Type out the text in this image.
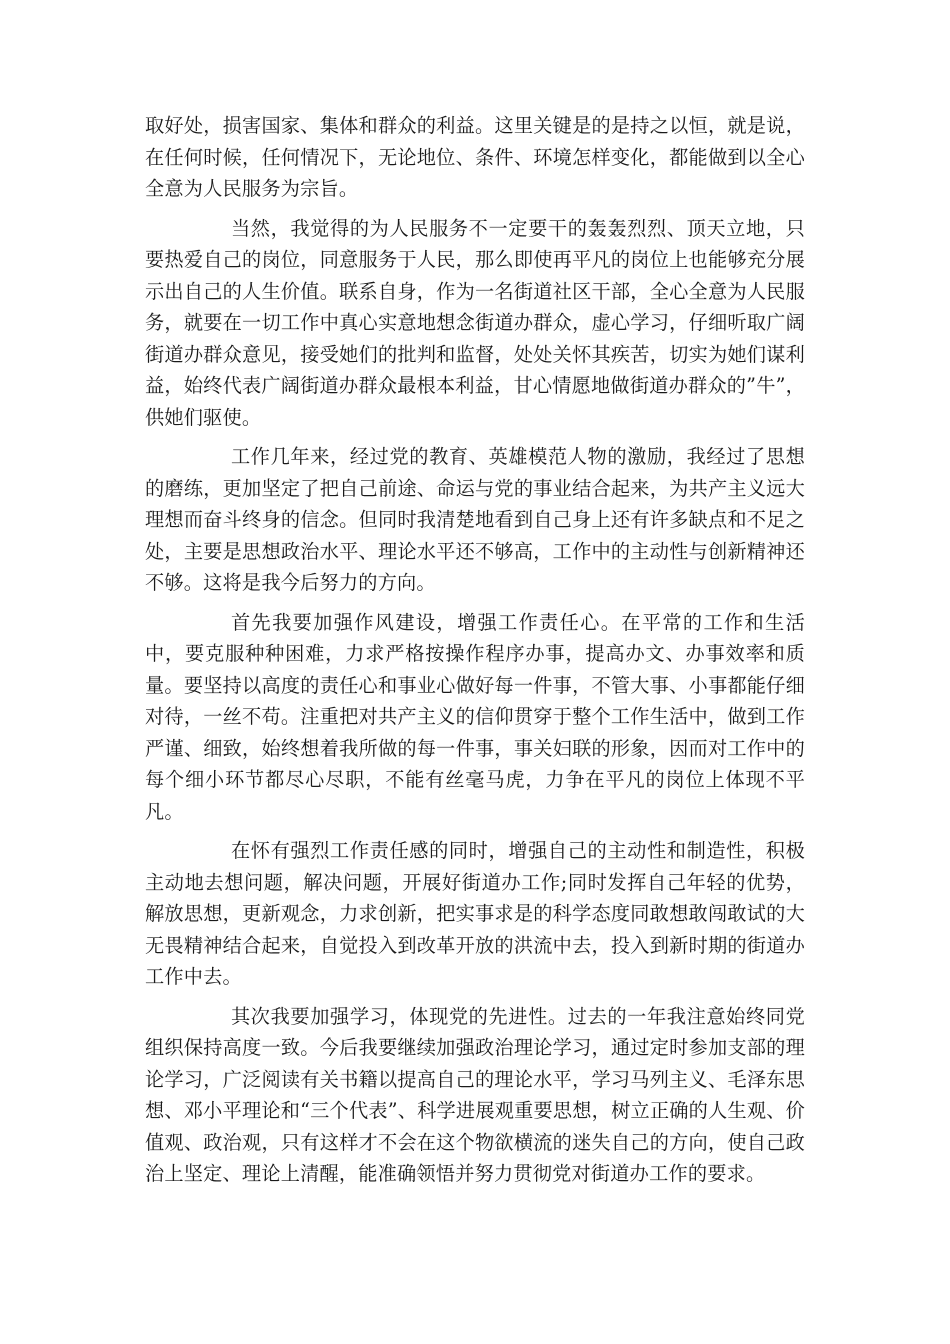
取好处，损害国家、集体和群众的利益。这里关键是的是持之以恒，就是说，在任何时候，任何情况下，无论地位、条件、环境怎样变化，都能做到以全心全意为人民服务为宗旨。

当然，我觉得的为人民服务不一定要干的轰轰烈烈、顶天立地，只要热爱自己的岗位，同意服务于人民，那么即使再平凡的岗位上也能够充分展示出自己的人生价值。联系自身，作为一名街道社区干部，全心全意为人民服务，就要在一切工作中真心实意地想念街道办群众，虚心学习，仔细听取广阔街道办群众意见，接受她们的批判和监督，处处关怀其疾苦，切实为她们谋利益，始终代表广阔街道办群众最根本利益，甘心情愿地做街道办群众的”牛”，供她们驱使。

工作几年来，经过党的教育、英雄模范人物的激励，我经过了思想的磨练，更加坚定了把自己前途、命运与党的事业结合起来，为共产主义远大理想而奋斗终身的信念。但同时我清楚地看到自己身上还有许多缺点和不足之处，主要是思想政治水平、理论水平还不够高，工作中的主动性与创新精神还不够。这将是我今后努力的方向。

首先我要加强作风建设，增强工作责任心。在平常的工作和生活中，要克服种种困难，力求严格按操作程序办事，提高办文、办事效率和质量。要坚持以高度的责任心和事业心做好每一件事，不管大事、小事都能仔细对待，一丝不苟。注重把对共产主义的信仰贯穿于整个工作生活中，做到工作严谨、细致，始终想着我所做的每一件事，事关妇联的形象，因而对工作中的每个细小环节都尽心尽职，不能有丝毫马虎，力争在平凡的岗位上体现不平凡。

在怀有强烈工作责任感的同时，增强自己的主动性和制造性，积极主动地去想问题，解决问题，开展好街道办工作;同时发挥自己年轻的优势，解放思想，更新观念，力求创新，把实事求是的科学态度同敢想敢闯敢试的大无畏精神结合起来，自觉投入到改革开放的洪流中去，投入到新时期的街道办工作中去。

其次我要加强学习，体现党的先进性。过去的一年我注意始终同党组织保持高度一致。今后我要继续加强政治理论学习，通过定时参加支部的理论学习，广泛阅读有关书籍以提高自己的理论水平，学习马列主义、毛泽东思想、邓小平理论和“三个代表”、科学进展观重要思想，树立正确的人生观、价值观、政治观，只有这样才不会在这个物欲横流的迷失自己的方向，使自己政治上坚定、理论上清醒，能准确领悟并努力贯彻党对街道办工作的要求。
